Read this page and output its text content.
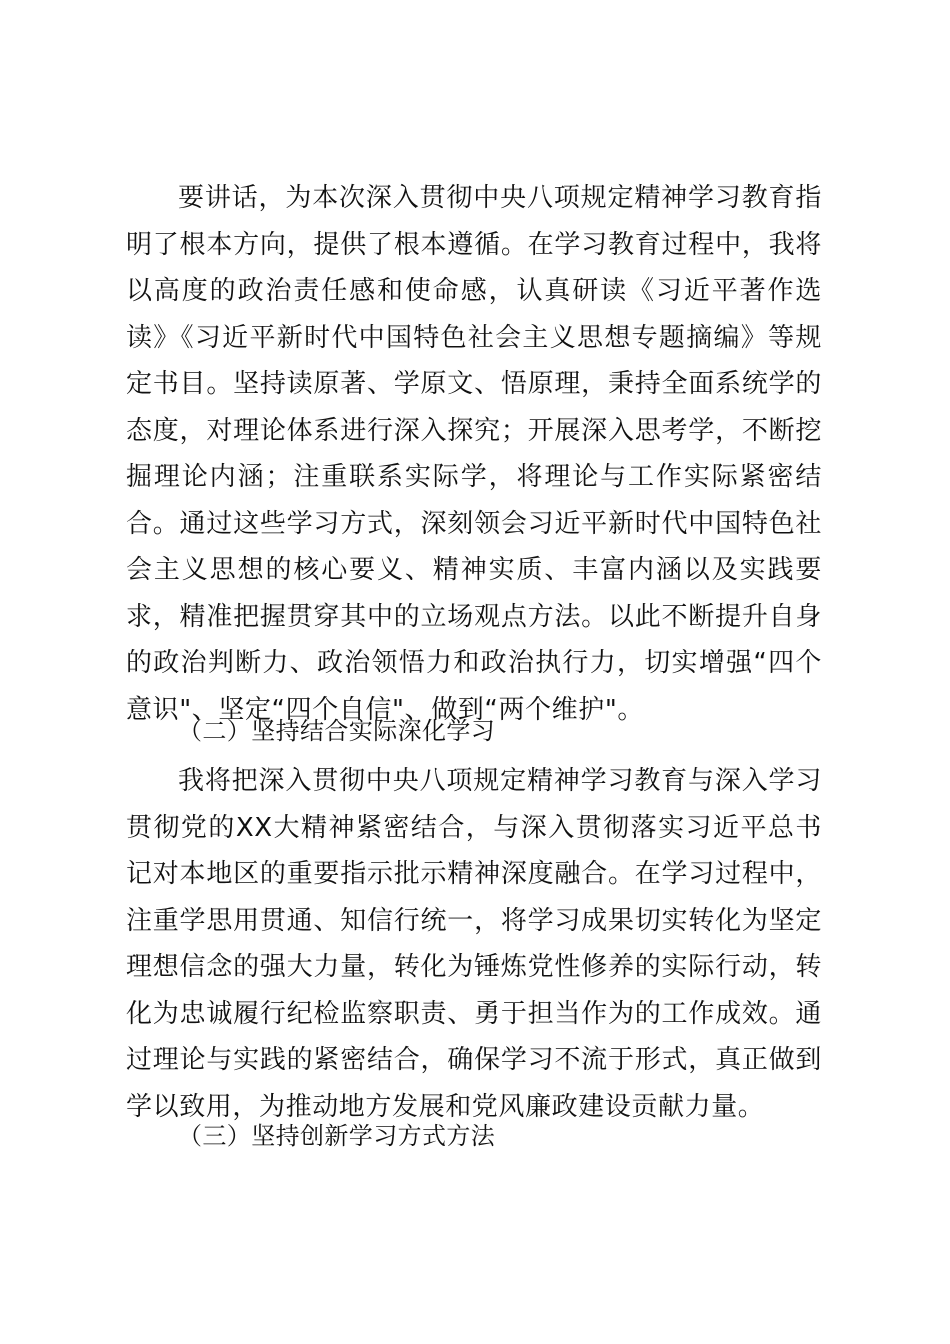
要讲话，为本次深入贯彻中央八项规定精神学习教育指明了根本方向，提供了根本遵循。在学习教育过程中，我将以高度的政治责任感和使命感，认真研读《习近平著作选读》《习近平新时代中国特色社会主义思想专题摘编》等规定书目。坚持读原著、学原文、悟原理，秉持全面系统学的态度，对理论体系进行深入探究；开展深入思考学，不断挖掘理论内涵；注重联系实际学，将理论与工作实际紧密结合。通过这些学习方式，深刻领会习近平新时代中国特色社会主义思想的核心要义、精神实质、丰富内涵以及实践要求，精准把握贯穿其中的立场观点方法。以此不断提升自身的政治判断力、政治领悟力和政治执行力，切实增强“四个意识"、坚定“四个自信"、做到“两个维护"。

（二）坚持结合实际深化学习

我将把深入贯彻中央八项规定精神学习教育与深入学习贯彻党的XX大精神紧密结合，与深入贯彻落实习近平总书记对本地区的重要指示批示精神深度融合。在学习过程中，注重学思用贯通、知信行统一，将学习成果切实转化为坚定理想信念的强大力量，转化为锤炼党性修养的实际行动，转化为忠诚履行纪检监察职责、勇于担当作为的工作成效。通过理论与实践的紧密结合，确保学习不流于形式，真正做到学以致用，为推动地方发展和党风廉政建设贡献力量。

（三）坚持创新学习方式方法
